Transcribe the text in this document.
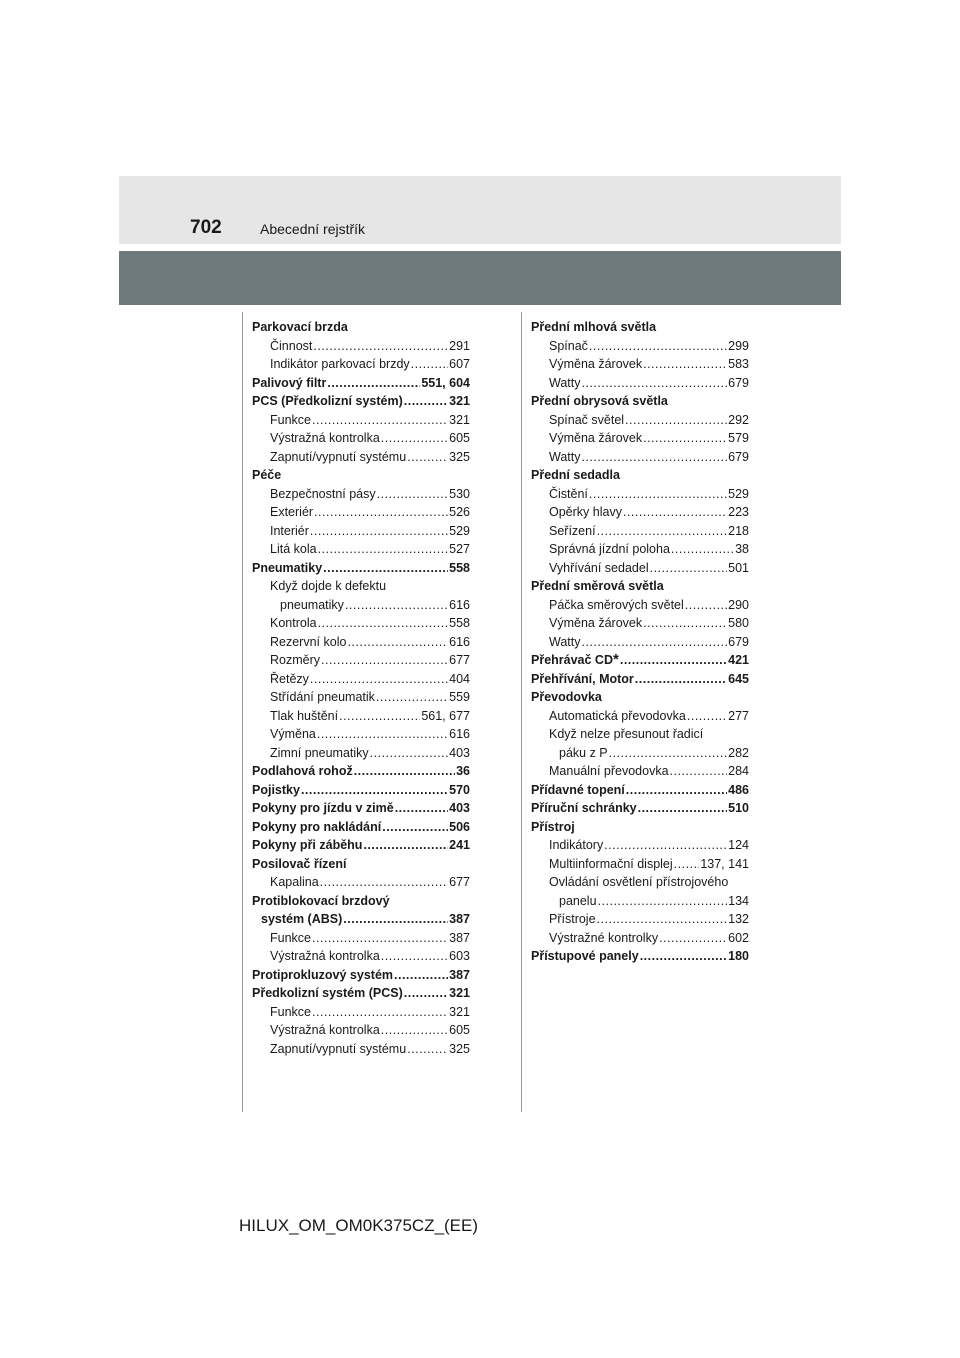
702	Abecední rejstřík
Parkovací brzda
Činnost .....	291
Indikátor parkovací brzdy .....	607
Palivový filtr .....	551, 604
PCS (Předkolizní systém) .....	321
Funkce .....	321
Výstražná kontrolka .....	605
Zapnutí/vypnutí systému .....	325
Péče
Bezpečnostní pásy .....	530
Exteriér .....	526
Interiér .....	529
Litá kola .....	527
Pneumatiky .....	558
Když dojde k defektu
pneumatiky .....	616
Kontrola .....	558
Rezervní kolo .....	616
Rozměry .....	677
Řetězy .....	404
Střídání pneumatik .....	559
Tlak huštění .....	561, 677
Výměna .....	616
Zimní pneumatiky .....	403
Podlahová rohož .....	36
Pojistky .....	570
Pokyny pro jízdu v zimě .....	403
Pokyny pro nakládání .....	506
Pokyny při záběhu .....	241
Posilovač řízení
Kapalina .....	677
Protiblokovací brzdový
systém (ABS) .....	387
Funkce .....	387
Výstražná kontrolka .....	603
Protiprokluzový systém .....	387
Předkolizní systém (PCS) .....	321
Funkce .....	321
Výstražná kontrolka .....	605
Zapnutí/vypnutí systému .....	325
Přední mlhová světla
Spínač .....	299
Výměna žárovek .....	583
Watty .....	679
Přední obrysová světla
Spínač světel .....	292
Výměna žárovek .....	579
Watty .....	679
Přední sedadla
Čistění .....	529
Opěrky hlavy .....	223
Seřízení .....	218
Správná jízdní poloha .....	38
Vyhřívání sedadel .....	501
Přední směrová světla
Páčka směrových světel .....	290
Výměna žárovek .....	580
Watty .....	679
Přehrávač CD * .....	421
Přehřívání, Motor .....	645
Převodovka
Automatická převodovka .....	277
Když nelze přesunout řadicí
páku z P .....	282
Manuální převodovka .....	284
Přídavné topení .....	486
Příruční schránky .....	510
Přístroj
Indikátory .....	124
Multiinformační displej ..... 137, 141
Ovládání osvětlení přístrojového
panelu .....	134
Přístroje .....	132
Výstražné kontrolky .....	602
Přístupové panely .....	180
HILUX_OM_OM0K375CZ_(EE)
